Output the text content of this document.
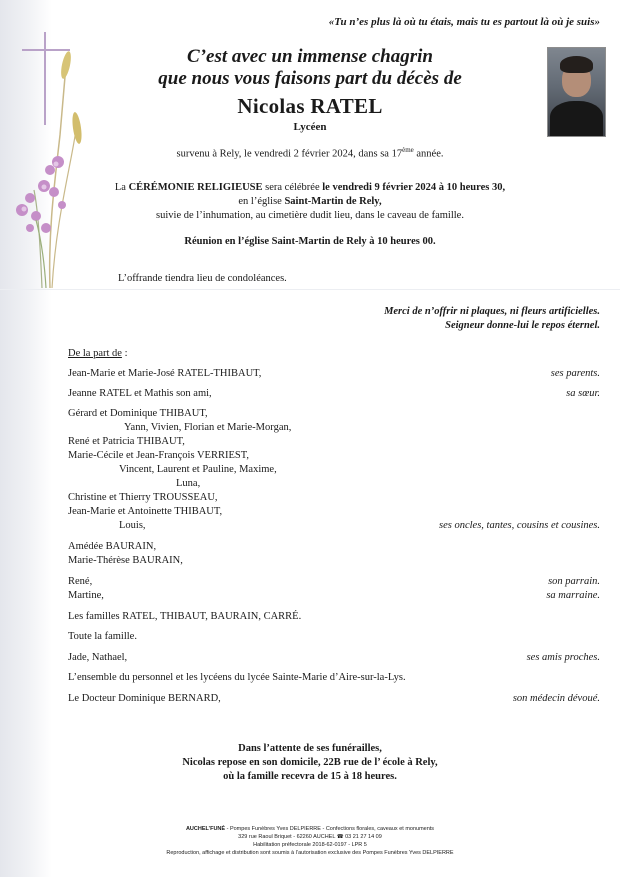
«Tu n’es plus là où tu étais, mais tu es partout là où je suis»
C’est avec un immense chagrin
que nous vous faisons part du décès de
Nicolas RATEL
Lycéen
survenu à Rely, le vendredi 2 février 2024, dans sa 17ème année.
La CÉRÉMONIE RELIGIEUSE sera célébrée le vendredi 9 février 2024 à 10 heures 30,
en l’église Saint-Martin de Rely,
suivie de l’inhumation, au cimetière dudit lieu, dans le caveau de famille.
Réunion en l’église Saint-Martin de Rely à 10 heures 00.
L’offrande tiendra lieu de condoléances.
Merci de n’offrir ni plaques, ni fleurs artificielles.
Seigneur donne-lui le repos éternel.
De la part de :
Jean-Marie et Marie-José RATEL-THIBAUT,
Jeanne RATEL et Mathis son ami,
Gérard et Dominique THIBAUT,
Yann, Vivien, Florian et Marie-Morgan,
René et Patricia THIBAUT,
Marie-Cécile et Jean-François VERRIEST,
Vincent, Laurent et Pauline, Maxime,
Luna,
Christine et Thierry TROUSSEAU,
Jean-Marie et Antoinette THIBAUT,
Louis,
Amédée BAURAIN,
Marie-Thérèse BAURAIN,
René,
Martine,
Les familles RATEL, THIBAUT, BAURAIN, CARRÉ.
Toute la famille.
Jade, Nathael,
L’ensemble du personnel et les lycéens du lycée Sainte-Marie d’Aire-sur-la-Lys.
Le Docteur Dominique BERNARD,
ses parents.
sa sœur.
ses oncles, tantes, cousins et cousines.
son parrain.
sa marraine.
ses amis proches.
son médecin dévoué.
Dans l’attente de ses funérailles,
Nicolas repose en son domicile, 22B rue de l’ école à Rely,
où la famille recevra de 15 à 18 heures.
AUCHEL’FUNÉ - Pompes Funèbres Yves DELPIERRE - Confections florales, caveaux et monuments
329 rue Raoul Briquet - 62260 AUCHEL ☎ 03 21 27 14 09
Habilitation préfectorale 2018-62-0197 - LPR 5
Reproduction, affichage et distribution sont soumis à l’autorisation exclusive des Pompes Funèbres Yves DELPIERRE
